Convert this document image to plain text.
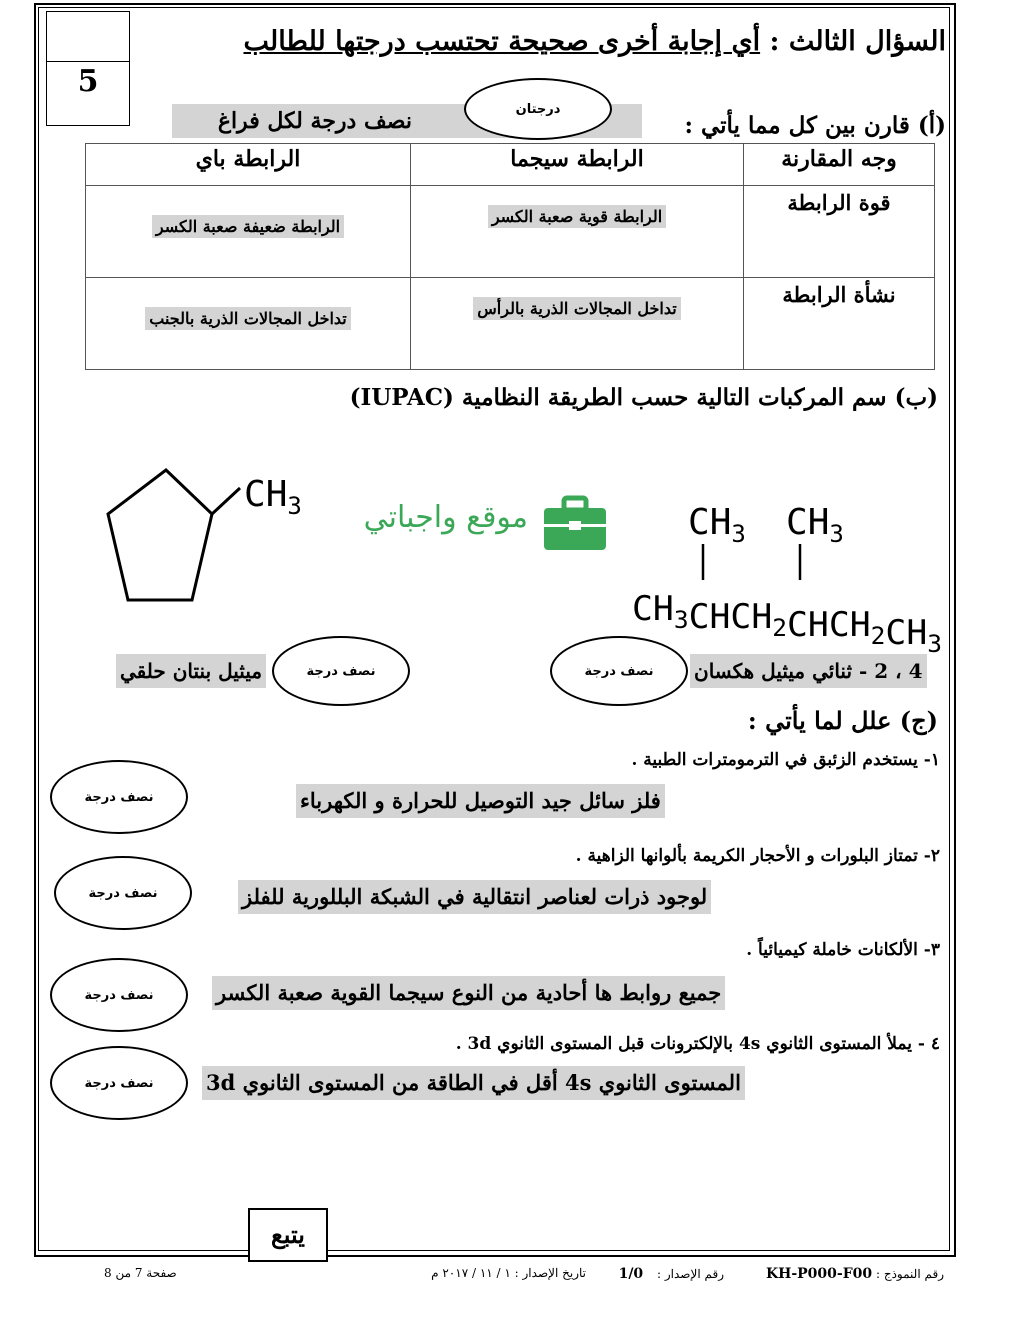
5
السؤال الثالث : أي إجابة أخرى صحيحة تحتسب درجتها للطالب
(أ) قارن بين كل مما يأتي :
نصف درجة لكل فراغ	درجتان
وجه المقارنة	الرابطة سيجما	الرابطة باي
قوة الرابطة	الرابطة قوية صعبة الكسر	الرابطة ضعيفة صعبة الكسر
نشأة الرابطة	تداخل المجالات الذرية بالرأس	تداخل المجالات الذرية بالجنب
(ب) سم المركبات التالية حسب الطريقة النظامية (IUPAC)
$CH_3$ موقع واجباتي	$CH_3$ $CH_3$
$CH_3CHCH_2CHCH_2CH_3$
ميثيل بنتان حلقي	نصف درجة	4 ، 2 - ثنائي ميثيل هكسان
نصف درجة
(ج) علل لما يأتي :
١- يستخدم الزئبق في الترمومترات الطبية .
فلز سائل جيد التوصيل للحرارة و الكهرباء
نصف درجة
٢- تمتاز البلورات و الأحجار الكريمة بألوانها الزاهية .
لوجود ذرات لعناصر انتقالية في الشبكة البللورية للفلز
نصف درجة
٣- الألكانات خاملة كيميائياً .
جميع روابط ها أحادية من النوع سيجما القوية صعبة الكسر
نصف درجة
٤ - يملأ المستوى الثانوي 4s بالإلكترونات قبل المستوى الثانوي 3d .
المستوى الثانوي 4s أقل في الطاقة من المستوى الثانوي 3d
نصف درجة
يتبع
رقم النموذج : KH-P000-F00
رقم الإصدار : 1/0
تاريخ الإصدار : ١ / ١١ / ٢٠١٧ م
صفحة 7 من 8
